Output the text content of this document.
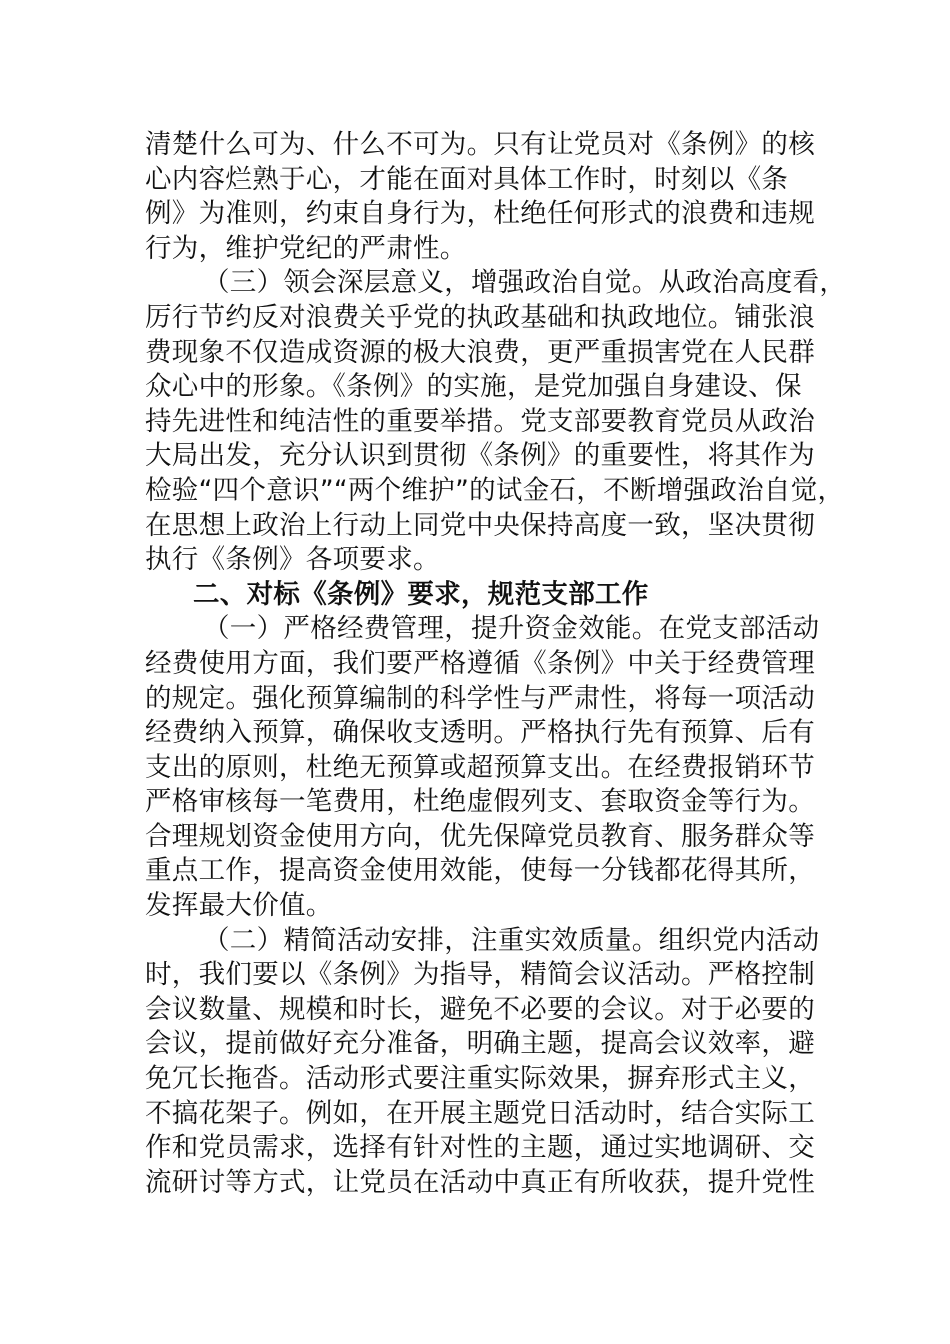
清楚什么可为、什么不可为。只有让党员对《条例》的核
心内容烂熟于心，才能在面对具体工作时，时刻以《条
例》为准则，约束自身行为，杜绝任何形式的浪费和违规
行为，维护党纪的严肃性。
（三）领会深层意义，增强政治自觉。从政治高度看，
厉行节约反对浪费关乎党的执政基础和执政地位。铺张浪
费现象不仅造成资源的极大浪费，更严重损害党在人民群
众心中的形象。《条例》的实施，是党加强自身建设、保
持先进性和纯洁性的重要举措。党支部要教育党员从政治
大局出发，充分认识到贯彻《条例》的重要性，将其作为
检验“四个意识”“两个维护”的试金石，不断增强政治自觉，
在思想上政治上行动上同党中央保持高度一致，坚决贯彻
执行《条例》各项要求。
二、对标《条例》要求，规范支部工作
（一）严格经费管理，提升资金效能。在党支部活动
经费使用方面，我们要严格遵循《条例》中关于经费管理
的规定。强化预算编制的科学性与严肃性，将每一项活动
经费纳入预算，确保收支透明。严格执行先有预算、后有
支出的原则，杜绝无预算或超预算支出。在经费报销环节
严格审核每一笔费用，杜绝虚假列支、套取资金等行为。
合理规划资金使用方向，优先保障党员教育、服务群众等
重点工作，提高资金使用效能，使每一分钱都花得其所，
发挥最大价值。
（二）精简活动安排，注重实效质量。组织党内活动
时，我们要以《条例》为指导，精简会议活动。严格控制
会议数量、规模和时长，避免不必要的会议。对于必要的
会议，提前做好充分准备，明确主题，提高会议效率，避
免冗长拖沓。活动形式要注重实际效果，摒弃形式主义，
不搞花架子。例如，在开展主题党日活动时，结合实际工
作和党员需求，选择有针对性的主题，通过实地调研、交
流研讨等方式，让党员在活动中真正有所收获，提升党性
